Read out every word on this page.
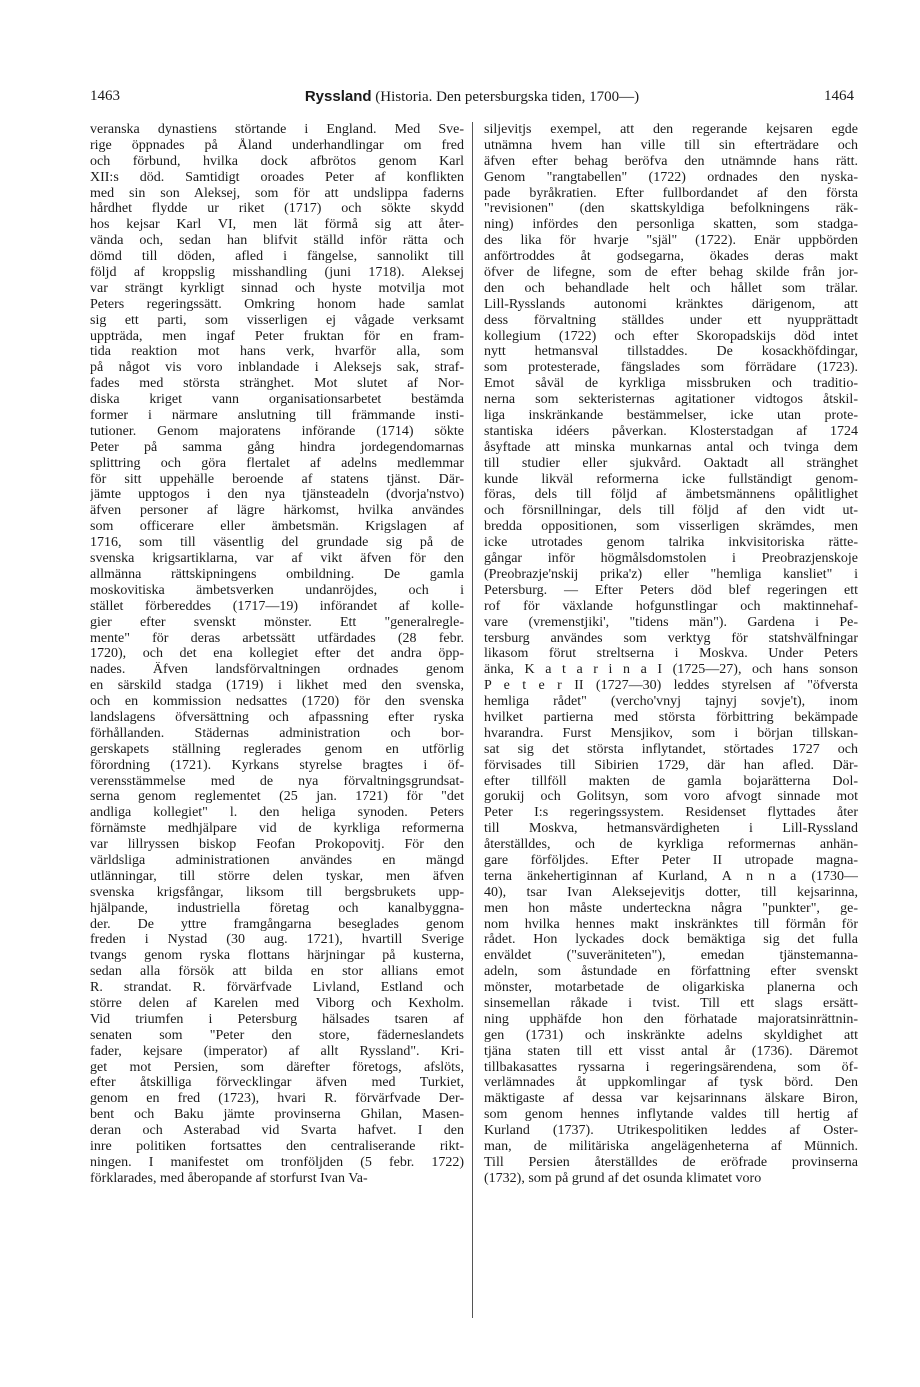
1463	Ryssland (Historia. Den petersburgska tiden, 1700—)	1464
veranska dynastiens störtande i England. Med Sve-
rige öppnades på Åland underhandlingar om fred
och förbund, hvilka dock afbrötos genom Karl
XII:s död. Samtidigt oroades Peter af konflikten
med sin son Aleksej, som för att undslippa faderns
hårdhet flydde ur riket (1717) och sökte skydd
hos kejsar Karl VI, men lät förmå sig att åter-
vända och, sedan han blifvit ställd inför rätta och
dömd till döden, afled i fängelse, sannolikt till
följd af kroppslig misshandling (juni 1718). Aleksej
var strängt kyrkligt sinnad och hyste motvilja mot
Peters regeringssätt. Omkring honom hade samlat
sig ett parti, som visserligen ej vågade verksamt
uppträda, men ingaf Peter fruktan för en fram-
tida reaktion mot hans verk, hvarför alla, som
på något vis voro inblandade i Aleksejs sak, straf-
fades med största stränghet. Mot slutet af Nor-
diska kriget vann organisationsarbetet bestämda
former i närmare anslutning till främmande insti-
tutioner. Genom majoratens införande (1714) sökte
Peter på samma gång hindra jordegendomarnas
splittring och göra flertalet af adelns medlemmar
för sitt uppehälle beroende af statens tjänst. Där-
jämte upptogos i den nya tjänsteadeln (dvorja'nstvo)
äfven personer af lägre härkomst, hvilka användes
som officerare eller ämbetsmän. Krigslagen af
1716, som till väsentlig del grundade sig på de
svenska krigsartiklarna, var af vikt äfven för den
allmänna rättskipningens ombildning. De gamla
moskovitiska ämbetsverken undanröjdes, och i
stället förbereddes (1717—19) införandet af kolle-
gier efter svenskt mönster. Ett "generalregle-
mente" för deras arbetssätt utfärdades (28 febr.
1720), och det ena kollegiet efter det andra öpp-
nades. Äfven landsförvaltningen ordnades genom
en särskild stadga (1719) i likhet med den svenska,
och en kommission nedsattes (1720) för den svenska
landslagens öfversättning och afpassning efter ryska
förhållanden. Städernas administration och bor-
gerskapets ställning reglerades genom en utförlig
förordning (1721). Kyrkans styrelse bragtes i öf-
verensstämmelse med de nya förvaltningsgrundsat-
serna genom reglementet (25 jan. 1721) för "det
andliga kollegiet" l. den heliga synoden. Peters
förnämste medhjälpare vid de kyrkliga reformerna
var lillryssen biskop Feofan Prokopovitj. För den
världsliga administrationen användes en mängd
utlänningar, till större delen tyskar, men äfven
svenska krigsfångar, liksom till bergsbrukets upp-
hjälpande, industriella företag och kanalbyggna-
der. De yttre framgångarna beseglades genom
freden i Nystad (30 aug. 1721), hvartill Sverige
tvangs genom ryska flottans härjningar på kusterna,
sedan alla försök att bilda en stor allians emot
R. strandat. R. förvärfvade Livland, Estland och
större delen af Karelen med Viborg och Kexholm.
Vid triumfen i Petersburg hälsades tsaren af
senaten som "Peter den store, fäderneslandets
fader, kejsare (imperator) af allt Ryssland". Kri-
get mot Persien, som därefter företogs, afslöts,
efter åtskilliga förvecklingar äfven med Turkiet,
genom en fred (1723), hvari R. förvärfvade Der-
bent och Baku jämte provinserna Ghilan, Masen-
deran och Asterabad vid Svarta hafvet. I den
inre politiken fortsattes den centraliserande rikt-
ningen. I manifestet om tronföljden (5 febr. 1722)
förklarades, med åberopande af storfurst Ivan Va-
siljevitjs exempel, att den regerande kejsaren egde
utnämna hvem han ville till sin efterträdare och
äfven efter behag beröfva den utnämnde hans rätt.
Genom "rangtabellen" (1722) ordnades den nyska-
pade byråkratien. Efter fullbordandet af den första
"revisionen" (den skattskyldiga befolkningens räk-
ning) infördes den personliga skatten, som stadga-
des lika för hvarje "själ" (1722). Enär uppbörden
anförtroddes åt godsegarna, ökades deras makt
öfver de lifegne, som de efter behag skilde från jor-
den och behandlade helt och hållet som trälar.
Lill-Rysslands autonomi kränktes därigenom, att
dess förvaltning ställdes under ett nyupprättadt
kollegium (1722) och efter Skoropadskijs död intet
nytt hetmansval tillstaddes. De kosackhöfdingar,
som protesterade, fängslades som förrädare (1723).
Emot såväl de kyrkliga missbruken och traditio-
nerna som sekteristernas agitationer vidtogos åtskil-
liga inskränkande bestämmelser, icke utan prote-
stantiska idéers påverkan. Klosterstadgan af 1724
åsyftade att minska munkarnas antal och tvinga dem
till studier eller sjukvård. Oaktadt all stränghet
kunde likväl reformerna icke fullständigt genom-
föras, dels till följd af ämbetsmännens opålitlighet
och försnillningar, dels till följd af den vidt ut-
bredda oppositionen, som visserligen skrämdes, men
icke utrotades genom talrika inkvisitoriska rätte-
gångar inför högmålsdomstolen i Preobrazjenskoje
(Preobrazje'nskij prika'z) eller "hemliga kansliet" i
Petersburg. — Efter Peters död blef regeringen ett
rof för växlande hofgunstlingar och maktinnehaf-
vare (vremenstjiki', "tidens män"). Gardena i Pe-
tersburg användes som verktyg för statshvälfningar
likasom förut streltserna i Moskva. Under Peters
änka, K a t a r i n a I (1725—27), och hans sonson
P e t e r II (1727—30) leddes styrelsen af "öfversta
hemliga rådet" (vercho'vnyj tajnyj sovje't), inom
hvilket partierna med största förbittring bekämpade
hvarandra. Furst Mensjikov, som i början tillskan-
sat sig det största inflytandet, störtades 1727 och
förvisades till Sibirien 1729, där han afled. Där-
efter tillföll makten de gamla bojarätterna Dol-
gorukij och Golitsyn, som voro afvogt sinnade mot
Peter I:s regeringssystem. Residenset flyttades åter
till Moskva, hetmansvärdigheten i Lill-Ryssland
återställdes, och de kyrkliga reformernas anhän-
gare förföljdes. Efter Peter II utropade magna-
terna änkehertiginnan af Kurland, A n n a (1730—
40), tsar Ivan Aleksejevitjs dotter, till kejsarinna,
men hon måste underteckna några "punkter", ge-
nom hvilka hennes makt inskränktes till förmån för
rådet. Hon lyckades dock bemäktiga sig det fulla
enväldet ("suveräniteten"), emedan tjänstemanna-
adeln, som åstundade en författning efter svenskt
mönster, motarbetade de oligarkiska planerna och
sinsemellan råkade i tvist. Till ett slags ersätt-
ning upphäfde hon den förhatade majoratsinrättnin-
gen (1731) och inskränkte adelns skyldighet att
tjäna staten till ett visst antal år (1736). Däremot
tillbakasattes ryssarna i regeringsärendena, som öf-
verlämnades åt uppkomlingar af tysk börd. Den
mäktigaste af dessa var kejsarinnans älskare Biron,
som genom hennes inflytande valdes till hertig af
Kurland (1737). Utrikespolitiken leddes af Oster-
man, de militäriska angelägenheterna af Münnich.
Till Persien återställdes de eröfrade provinserna
(1732), som på grund af det osunda klimatet voro
